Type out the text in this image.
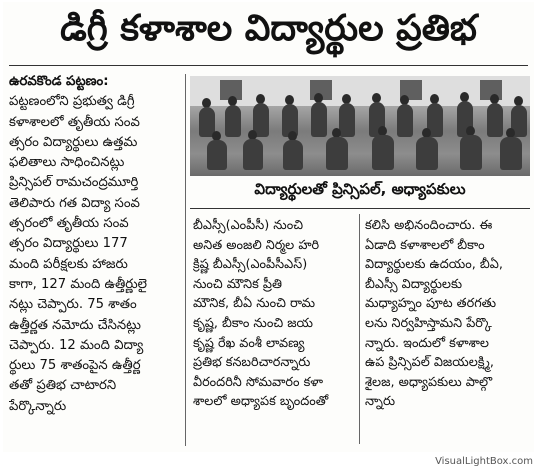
డిగ్రీ కళాశాల విద్యార్థుల ప్రతిభ
ఉరవకొండ పట్టణం:
పట్టణంలోని ప్రభుత్వ డిగ్రీ
కళాశాలలో తృతీయ సంవ
త్సరం విద్యార్థులు ఉత్తమ
ఫలితాలు సాధించినట్లు
ప్రిన్సిపల్ రామచంద్రమూర్తి
తెలిపారు గత విద్యా సంవ
త్సరంలో తృతీయ సంవ
త్సరం విద్యార్థులు 177
మంది పరీక్షలకు హాజరు
కాగా, 127 మంది ఉత్తీర్ణులై
నట్లు చెప్పారు. 75 శాతం
ఉత్తీర్ణత నమోదు చేసినట్లు
చెప్పారు. 12 మంది విద్యా
ర్థులు 75 శాతంపైన ఉత్తీర్ణ
తతో ప్రతిభ చాటారని
పేర్కొన్నారు
విద్యార్థులతో ప్రిన్సిపల్, అధ్యాపకులు
బీఎస్సీ(ఎంపీసీ) నుంచి
అనిత అంజలి నిర్మల హరి
క్రిష్ణ బీఎస్సీ(ఎంపీసీఎస్)
నుంచి మౌనిక ప్రీతి
మౌనిక, బీఏ నుంచి రామ
కృష్ణ, బీకాం నుంచి జయ
కృష్ణ రేఖ వంశీ లావణ్య
ప్రతిభ కనబరిచారన్నారు
వీరందరినీ సోమవారం కళా
శాలలో అధ్యాపక బృందంతో
కలిసి అభినందించారు. ఈ
ఏడాది కళాశాలలో బీకాం
విద్యార్థులకు ఉదయం, బీఏ,
బీఎస్సీ విద్యార్థులకు
మధ్యాహ్నం పూట తరగతు
లను నిర్వహిస్తామని పేర్కొ
న్నారు. ఇందులో కళాశాల
ఉప ప్రిన్సిపల్ విజయలక్ష్మి,
శైలజ, అధ్యాపకులు పాల్గొ
న్నారు
VisualLightBox.com
